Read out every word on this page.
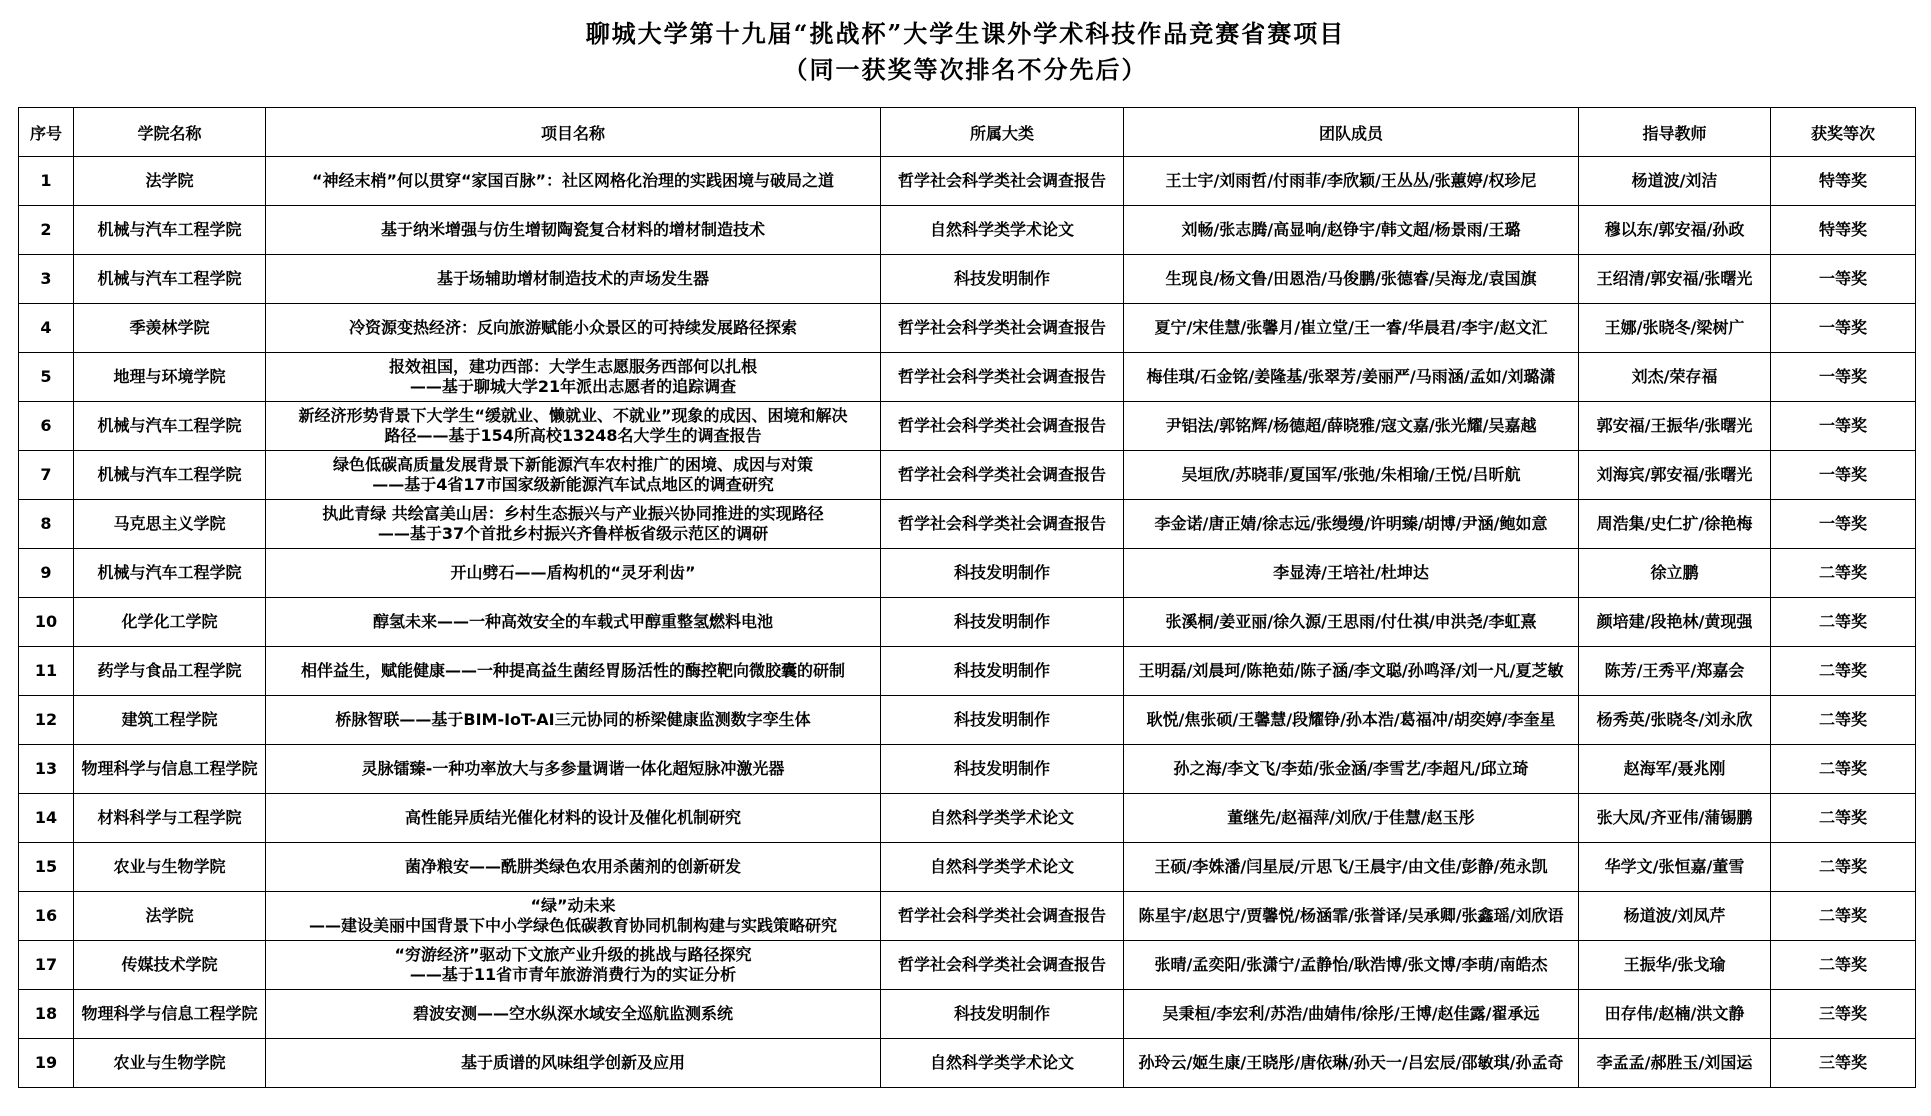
聊城大学第十九届“挑战杯”大学生课外学术科技作品竞赛省赛项目
（同一获奖等次排名不分先后）
序号	学院名称	项目名称	所属大类	团队成员	指导教师	获奖等次
1	法学院	“神经末梢”何以贯穿“家国百脉”：社区网格化治理的实践困境与破局之道	哲学社会科学类社会调查报告	王士宇/刘雨哲/付雨菲/李欣颖/王丛丛/张蕙婷/权珍尼	杨道波/刘洁	特等奖
2	机械与汽车工程学院	基于纳米增强与仿生增韧陶瓷复合材料的增材制造技术	自然科学类学术论文	刘畅/张志腾/高显响/赵铮宇/韩文超/杨景雨/王璐	穆以东/郭安福/孙政	特等奖
3	机械与汽车工程学院	基于场辅助增材制造技术的声场发生器	科技发明制作	生现良/杨文鲁/田恩浩/马俊鹏/张德睿/吴海龙/袁国旗	王绍清/郭安福/张曙光	一等奖
4	季羡林学院	冷资源变热经济：反向旅游赋能小众景区的可持续发展路径探索	哲学社会科学类社会调查报告	夏宁/宋佳慧/张馨月/崔立堂/王一睿/华晨君/李宇/赵文汇	王娜/张晓冬/梁树广	一等奖
5	地理与环境学院	报效祖国，建功西部：大学生志愿服务西部何以扎根
——基于聊城大学21年派出志愿者的追踪调查	哲学社会科学类社会调查报告	梅佳琪/石金铭/姜隆基/张翠芳/姜丽严/马雨涵/孟如/刘璐潇	刘杰/荣存福	一等奖
6	机械与汽车工程学院	新经济形势背景下大学生“缓就业、懒就业、不就业”现象的成因、困境和解决
路径——基于154所高校13248名大学生的调查报告	哲学社会科学类社会调查报告	尹铝法/郭铭辉/杨德超/薛晓雅/寇文嘉/张光耀/吴嘉越	郭安福/王振华/张曙光	一等奖
7	机械与汽车工程学院	绿色低碳高质量发展背景下新能源汽车农村推广的困境、成因与对策
——基于4省17市国家级新能源汽车试点地区的调查研究	哲学社会科学类社会调查报告	吴垣欣/苏晓菲/夏国军/张弛/朱相瑜/王悦/吕昕航	刘海宾/郭安福/张曙光	一等奖
8	马克思主义学院	执此青绿 共绘富美山居：乡村生态振兴与产业振兴协同推进的实现路径
——基于37个首批乡村振兴齐鲁样板省级示范区的调研	哲学社会科学类社会调查报告	李金诺/唐正婧/徐志远/张缦缦/许明臻/胡博/尹涵/鲍如意	周浩集/史仁扩/徐艳梅	一等奖
9	机械与汽车工程学院	开山劈石——盾构机的“灵牙利齿”	科技发明制作	李显涛/王培社/杜坤达	徐立鹏	二等奖
10	化学化工学院	醇氢未来——一种高效安全的车载式甲醇重整氢燃料电池	科技发明制作	张溪桐/姜亚丽/徐久源/王思雨/付仕祺/申洪尧/李虹熹	颜培建/段艳林/黄现强	二等奖
11	药学与食品工程学院	相伴益生，赋能健康——一种提高益生菌经胃肠活性的酶控靶向微胶囊的研制	科技发明制作	王明磊/刘晨珂/陈艳茹/陈子涵/李文聪/孙鸣泽/刘一凡/夏芝敏	陈芳/王秀平/郑嘉会	二等奖
12	建筑工程学院	桥脉智联——基于BIM-IoT-AI三元协同的桥梁健康监测数字孪生体	科技发明制作	耿悦/焦张硕/王馨慧/段耀铮/孙本浩/葛福冲/胡奕婷/李奎星	杨秀英/张晓冬/刘永欣	二等奖
13	物理科学与信息工程学院	灵脉镭臻-一种功率放大与多参量调谐一体化超短脉冲激光器	科技发明制作	孙之海/李文飞/李茹/张金涵/李雪艺/李超凡/邱立琦	赵海军/聂兆刚	二等奖
14	材料科学与工程学院	高性能异质结光催化材料的设计及催化机制研究	自然科学类学术论文	董继先/赵福萍/刘欣/于佳慧/赵玉彤	张大凤/齐亚伟/蒲锡鹏	二等奖
15	农业与生物学院	菌净粮安——酰肼类绿色农用杀菌剂的创新研发	自然科学类学术论文	王硕/李姝潘/闫星辰/亓思飞/王晨宇/由文佳/彭静/苑永凯	华学文/张恒嘉/董雪	二等奖
16	法学院	“绿”动未来
——建设美丽中国背景下中小学绿色低碳教育协同机制构建与实践策略研究	哲学社会科学类社会调查报告	陈星宇/赵思宁/贾馨悦/杨涵霏/张誉译/吴承卿/张鑫瑶/刘欣语	杨道波/刘凤芹	二等奖
17	传媒技术学院	“穷游经济”驱动下文旅产业升级的挑战与路径探究
——基于11省市青年旅游消费行为的实证分析	哲学社会科学类社会调查报告	张晴/孟奕阳/张潇宁/孟静怡/耿浩博/张文博/李萌/南皓杰	王振华/张戈瑜	二等奖
18	物理科学与信息工程学院	碧波安测——空水纵深水域安全巡航监测系统	科技发明制作	吴秉桓/李宏利/苏浩/曲婧伟/徐彤/王博/赵佳露/翟承远	田存伟/赵楠/洪文静	三等奖
19	农业与生物学院	基于质谱的风味组学创新及应用	自然科学类学术论文	孙玲云/姬生康/王晓彤/唐依琳/孙天一/吕宏辰/邵敏琪/孙孟奇	李孟孟/郝胜玉/刘国运	三等奖
